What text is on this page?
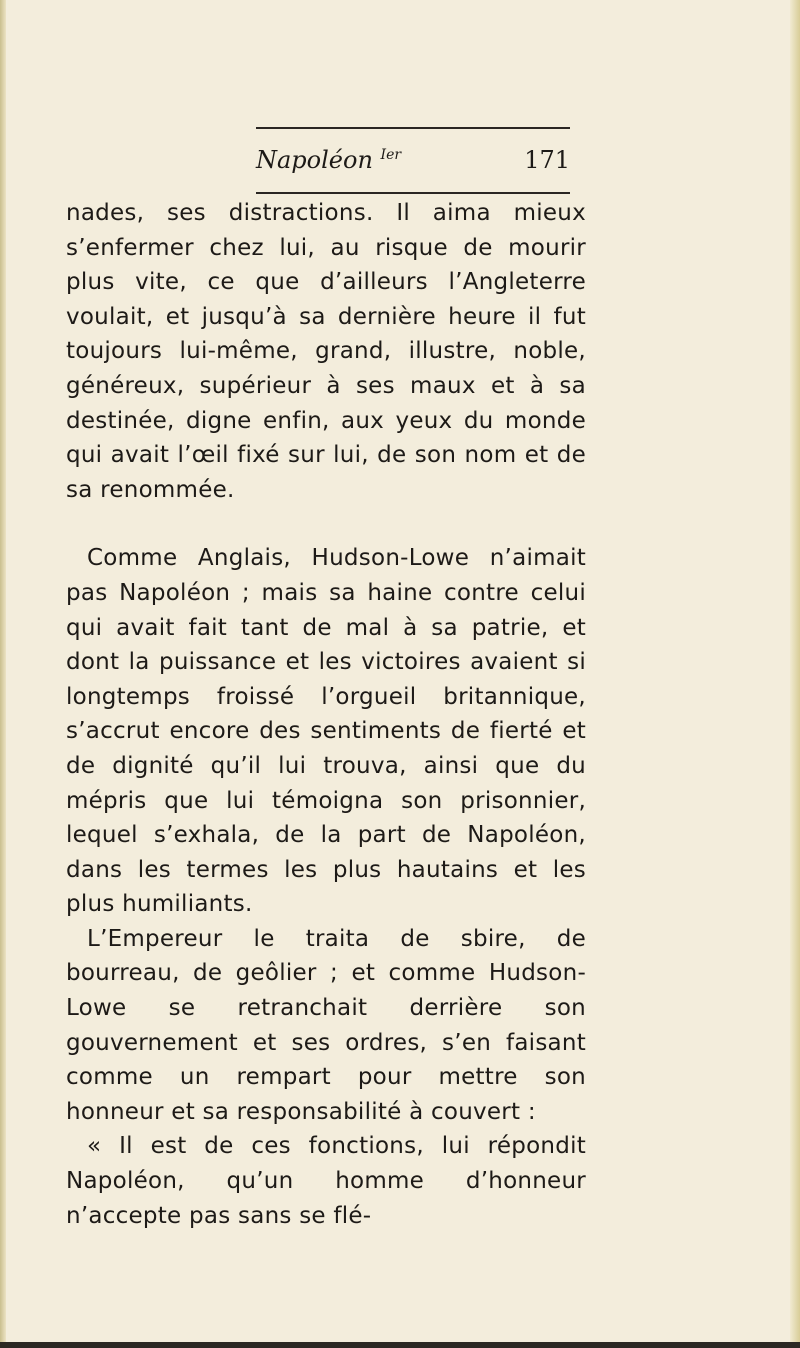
Napoléon $^{Ier}$	171

nades, ses distractions. Il aima mieux s’enfermer chez lui, au risque de mourir plus vite, ce que d’ailleurs l’Angleterre voulait, et jusqu’à sa dernière heure il fut toujours lui-même, grand, illustre, noble, généreux, supérieur à ses maux et à sa destinée, digne enfin, aux yeux du monde qui avait l’œil fixé sur lui, de son nom et de sa renommée.

Comme Anglais, Hudson-Lowe n’aimait pas Napoléon ; mais sa haine contre celui qui avait fait tant de mal à sa patrie, et dont la puissance et les victoires avaient si longtemps froissé l’orgueil britannique, s’accrut encore des sentiments de fierté et de dignité qu’il lui trouva, ainsi que du mépris que lui témoigna son prisonnier, lequel s’exhala, de la part de Napoléon, dans les termes les plus hautains et les plus humiliants.

L’Empereur le traita de sbire, de bourreau, de geôlier ; et comme Hudson-Lowe se retranchait derrière son gouvernement et ses ordres, s’en faisant comme un rempart pour mettre son honneur et sa responsabilité à couvert :

« Il est de ces fonctions, lui répondit Napoléon, qu’un homme d’honneur n’accepte pas sans se flé-
